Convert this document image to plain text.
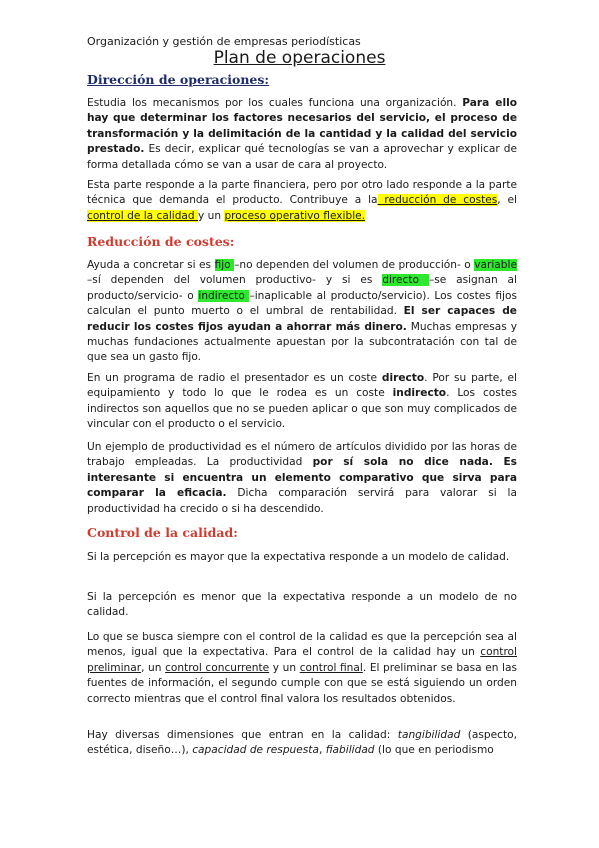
Organización y gestión de empresas periodísticas
Plan de operaciones
Dirección de operaciones:

Estudia los mecanismos por los cuales funciona una organización. Para ello hay que determinar los factores necesarios del servicio, el proceso de transformación y la delimitación de la cantidad y la calidad del servicio prestado. Es decir, explicar qué tecnologías se van a aprovechar y explicar de forma detallada cómo se van a usar de cara al proyecto.

Esta parte responde a la parte financiera, pero por otro lado responde a la parte técnica que demanda el producto. Contribuye a la reducción de costes, el control de la calidad y un proceso operativo flexible.

Reducción de costes:

Ayuda a concretar si es fijo –no dependen del volumen de producción- o variable –sí dependen del volumen productivo- y si es directo –se asignan al producto/servicio- o indirecto –inaplicable al producto/servicio). Los costes fijos calculan el punto muerto o el umbral de rentabilidad. El ser capaces de reducir los costes fijos ayudan a ahorrar más dinero. Muchas empresas y muchas fundaciones actualmente apuestan por la subcontratación con tal de que sea un gasto fijo.

En un programa de radio el presentador es un coste directo. Por su parte, el equipamiento y todo lo que le rodea es un coste indirecto. Los costes indirectos son aquellos que no se pueden aplicar o que son muy complicados de vincular con el producto o el servicio.

Un ejemplo de productividad es el número de artículos dividido por las horas de trabajo empleadas. La productividad por sí sola no dice nada. Es interesante si encuentra un elemento comparativo que sirva para comparar la eficacia. Dicha comparación servirá para valorar si la productividad ha crecido o si ha descendido.

Control de la calidad:

Si la percepción es mayor que la expectativa responde a un modelo de calidad.

Si la percepción es menor que la expectativa responde a un modelo de no calidad.

Lo que se busca siempre con el control de la calidad es que la percepción sea al menos, igual que la expectativa. Para el control de la calidad hay un control preliminar, un control concurrente y un control final. El preliminar se basa en las fuentes de información, el segundo cumple con que se está siguiendo un orden correcto mientras que el control final valora los resultados obtenidos.

Hay diversas dimensiones que entran en la calidad: tangibilidad (aspecto, estética, diseño…), capacidad de respuesta, fiabilidad (lo que en periodismo
